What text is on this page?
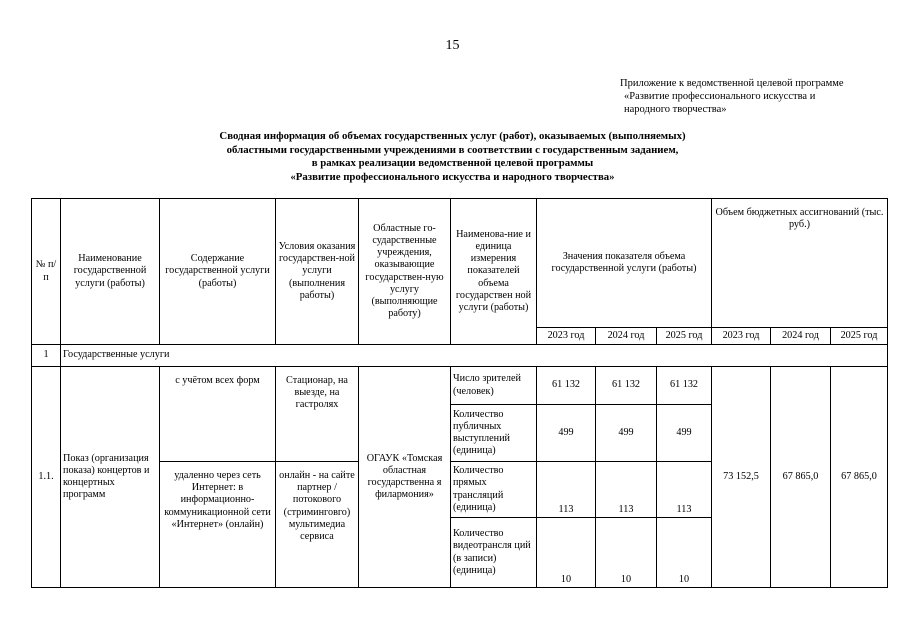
15
Приложение к ведомственной целевой программе
«Развитие профессионального искусства и
народного творчества»
Сводная информация об объемах государственных услуг (работ), оказываемых (выполняемых)
областными государственными учреждениями в соответствии с государственным заданием,
в рамках реализации ведомственной целевой программы
«Развитие профессионального искусства и народного творчества»
№ п/п	Наименование государственной услуги (работы)	Содержание государственной услуги (работы)	Условия оказания государствен-ной услуги (выполнения работы)	Областные го-сударственные учреждения, оказывающие государствен-ную услугу (выполняющие работу)	Наименова-ние и единица измерения показателей объема государствен ной услуги (работы)	Значения показателя объема государственной услуги (работы)			Объем бюджетных ассигнований (тыс. руб.)		
						2023 год	2024 год	2025 год	2023 год	2024 год	2025 год
1	Государственные услуги										
1.1.	Показ (организация показа) концертов и концертных программ	с учётом всех форм	Стационар, на выезде, на гастролях	ОГАУК «Томская областная государственна я филармония»	Число зрителей (человек)	61 132	61 132	61 132	73 152,5	67 865,0	67 865,0
					Количество публичных выступлений (единица)	499	499	499			
		удаленно через сеть Интернет: в информационно-коммуникационной сети «Интернет» (онлайн)	онлайн - на сайте партнер / потокового (стриминговго) мультимедиа сервиса		Количество прямых трансляций (единица)	113	113	113			
					Количество видеотрансля ций (в записи) (единица)	10	10	10			
